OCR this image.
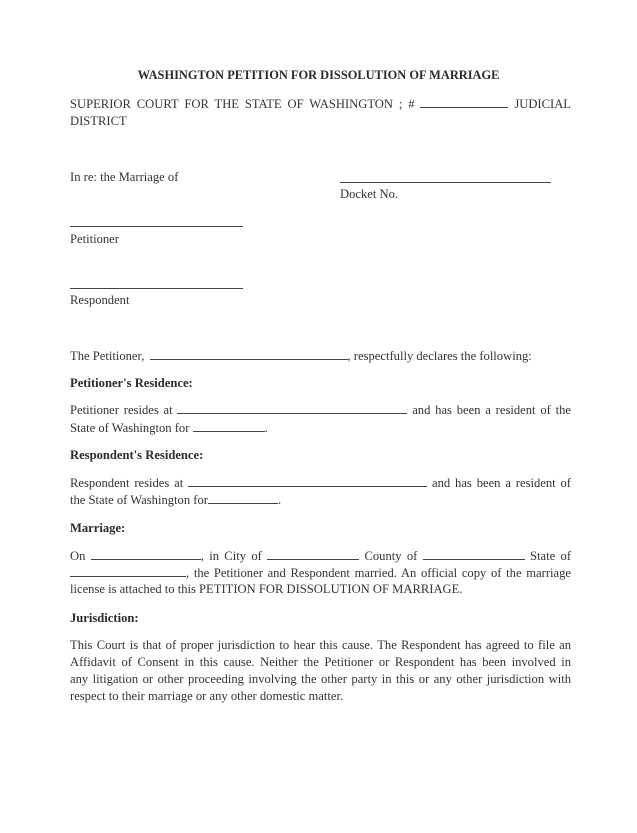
WASHINGTON PETITION FOR DISSOLUTION OF MARRIAGE
SUPERIOR COURT FOR THE STATE OF WASHINGTON ; #	JUDICIAL
DISTRICT
In re: the Marriage of
Docket No.
Petitioner
Respondent
The Petitioner,	, respectfully declares the following:
Petitioner's Residence:
Petitioner resides at	and has been a resident of the
State of Washington for	.
Respondent's Residence:
Respondent resides at	and has been a resident of
the State of Washington for	.
Marriage:
On	, in City of	County of	State of
, the Petitioner and Respondent married. An official copy of the marriage
license is attached to this PETITION FOR DISSOLUTION OF MARRIAGE.
Jurisdiction:
This Court is that of proper jurisdiction to hear this cause. The Respondent has agreed to file an
Affidavit of Consent in this cause. Neither the Petitioner or Respondent has been involved in
any litigation or other proceeding involving the other party in this or any other jurisdiction with
respect to their marriage or any other domestic matter.
